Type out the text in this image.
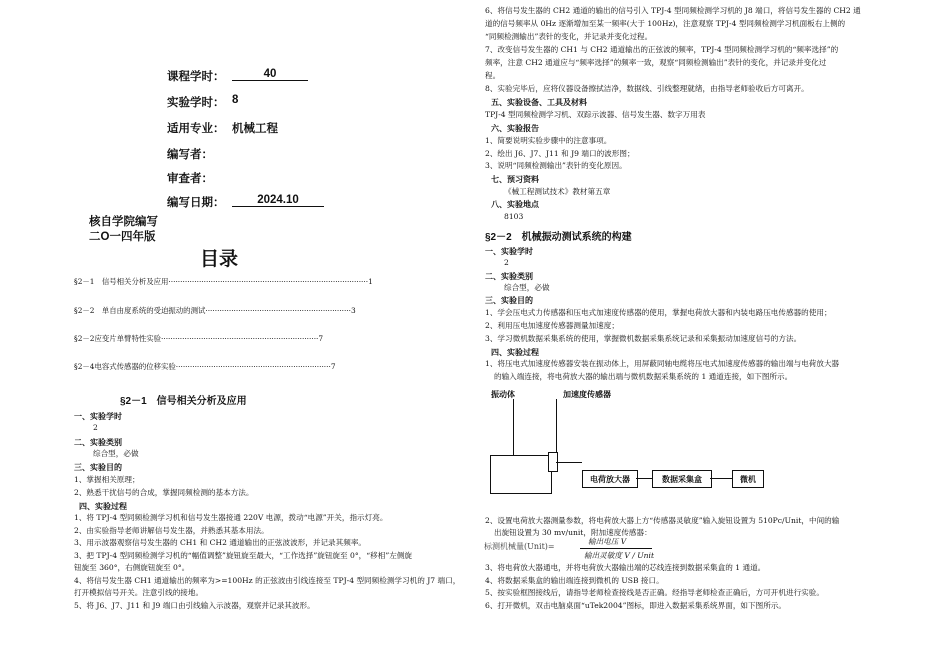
课程学时：	40
实验学时： 8
适用专业： 机械工程
编写者：
审查者：
编写日期：	2024.10
核自学院编写
二O一四年版
目录
§2－1　信号相关分析及应用·····················································································1
§2－2　单自由度系统的受迫振动的测试······························································3
§2－2应变片单臂特性实验···································································7
§2－4电容式传感器的位移实验··································································7
§2－1　信号相关分析及应用
一、实验学时
2
二、实验类别
综合型，必做
三、实验目的
1、掌握相关原理；
2、熟悉干扰信号的合成，掌握同频检测的基本方法。
四、实验过程
1、将 TPJ-4 型同频检测学习机和信号发生器接通 220V 电源，拨动“电源”开关，指示灯亮。
2、由实验指导老师讲解信号发生器，并熟悉其基本用法。
3、用示波器观察信号发生器的 CH1 和 CH2 通道输出的正弦波波形，并记录其频率。
3、把 TPJ-4 型同频检测学习机的“幅值调整”旋钮旋至最大，“工作选择”旋钮旋至 0°，“移相”左侧旋
钮旋至 360°，右侧旋钮旋至 0°。
4、将信号发生器 CH1 通道输出的频率为>=100Hz 的正弦波由引线连接至 TPJ-4 型同频检测学习机的 J7 端口，
打开模拟信号开关。注意引线的接地。
5、将 J6、J7、J11 和 J9 端口由引线输入示波器，观察并记录其波形。
6、将信号发生器的 CH2 通道的输出的信号引入 TPJ-4 型同频检测学习机的 J8 端口，将信号发生器的 CH2 通
道的信号频率从 0Hz 逐渐增加至某一频率(大于 100Hz)，注意观察 TPJ-4 型同频检测学习机面板右上侧的
“同频检测输出”表针的变化，并记录并变化过程。
7、改变信号发生器的 CH1 与 CH2 通道输出的正弦波的频率，TPJ-4 型同频检测学习机的“频率选择”的
频率，注意 CH2 通道应与“频率选择”的频率一致，观察“同频检测输出”表针的变化，并记录并变化过
程。
8、实验完毕后，应将仪器设备擦拭洁净，数据线、引线整理就绪，由指导老师验收后方可离开。
五、实验设备、工具及材料
TPJ-4 型同频检测学习机、双踪示波器、信号发生器、数字万用表
六、实验报告
1、简要说明实验步骤中的注意事项。
2、绘出 J6、J7、J11 和 J9 端口的波形图；
3、说明“同频检测输出”表针的变化原因。
七、预习资料
《械工程测试技术》教材第五章
八、实验地点
8103
§2－2　机械振动测试系统的构建
一、实验学时
2
二、实验类别
综合型，必做
三、实验目的
1、学会压电式力传感器和压电式加速度传感器的使用，掌握电荷放大器和内装电路压电传感器的使用；
2、利用压电加速度传感器测量加速度；
3、学习微机数据采集系统的使用，掌握微机数据采集系统记录和采集振动加速度信号的方法。
四、实验过程
1、将压电式加速度传感器安装在振动体上，用屏蔽同轴电缆将压电式加速度传感器的输出端与电荷放大器
的输入端连接，将电荷放大器的输出端与微机数据采集系统的 1 通道连接，如下图所示。
振动体	加速度传感器
电荷放大器	数据采集盒	微机
2、设置电荷放大器测量参数，将电荷放大器上方“传感器灵敏度”输入旋钮设置为 510Pc/Unit，中间的输
出旋钮设置为 30 mv/unit，附加速度传感器：
标测机械量(Unit)=
输出电压 V
输出灵敏度 V / Unit
3、将电荷放大器通电，并将电荷放大器输出端的芯线连接到数据采集盒的 1 通道。
4、将数据采集盒的输出端连接到微机的 USB 接口。
5、按实验框图接线后，请指导老师检查接线是否正确。经指导老师检查正确后，方可开机进行实验。
6、打开微机，双击电脑桌面“uTek2004”图标，即进入数据采集系统界面，如下图所示。
